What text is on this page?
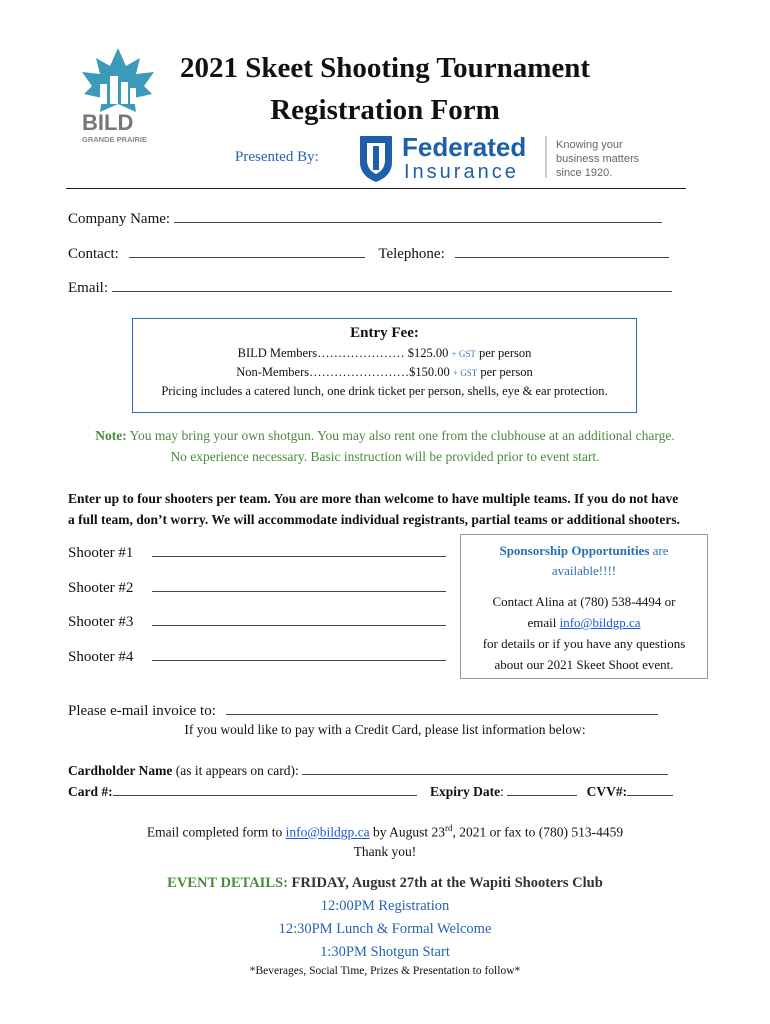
BILD
GRANDE PRAIRIE
2021 Skeet Shooting Tournament
Registration Form
Presented By:	Federated
Insurance
Knowing your
business matters
since 1920.
Company Name:
Contact:	Telephone:
Email:
Entry Fee:
BILD Members………………… $125.00 + GST per person
Non-Members……………………$150.00 + GST per person
Pricing includes a catered lunch, one drink ticket per person, shells, eye & ear protection.
Note: You may bring your own shotgun. You may also rent one from the clubhouse at an additional charge.
No experience necessary. Basic instruction will be provided prior to event start.
Enter up to four shooters per team. You are more than welcome to have multiple teams. If you do not have
a full team, don’t worry. We will accommodate individual registrants, partial teams or additional shooters.
Shooter #1
Shooter #2
Shooter #3
Shooter #4
Sponsorship Opportunities are
available!!!!
Contact Alina at (780) 538-4494 or
email info@bildgp.ca
for details or if you have any questions
about our 2021 Skeet Shoot event.
Please e-mail invoice to:
If you would like to pay with a Credit Card, please list information below:
Cardholder Name (as it appears on card):
Card #:	Expiry Date:	CVV#:
Email completed form to info@bildgp.ca by August 23rd, 2021 or fax to (780) 513-4459
Thank you!
EVENT DETAILS: FRIDAY, August 27th at the Wapiti Shooters Club
12:00PM Registration
12:30PM Lunch & Formal Welcome
1:30PM Shotgun Start
*Beverages, Social Time, Prizes & Presentation to follow*
